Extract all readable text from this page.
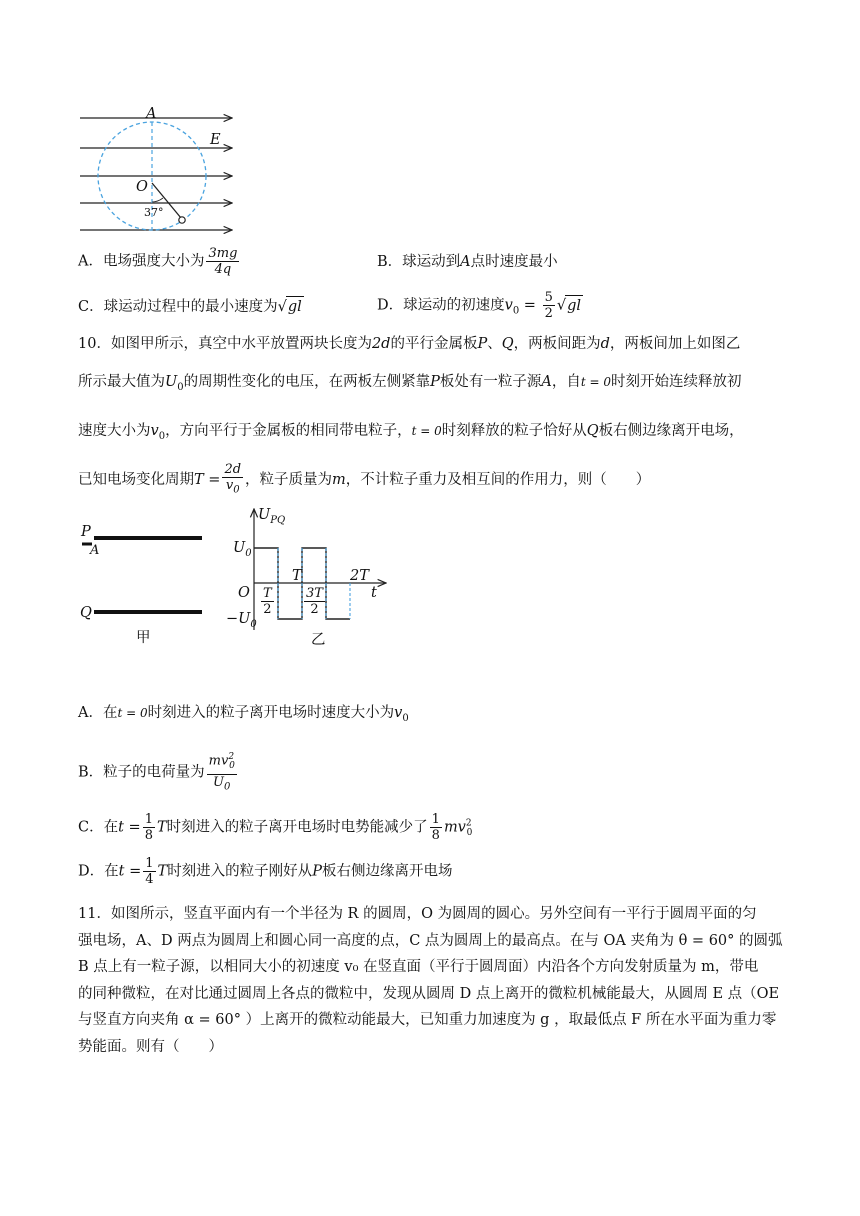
A
E
O
37°
A．电场强度大小为 $\frac{3mg}{4q}$	B．球运动到A点时速度最小
C．球运动过程中的最小速度为√gl	D．球运动的初速度$v_0 = \frac{5}{2} √gl$
10．如图甲所示，真空中水平放置两块长度为2d的平行金属板P、Q，两板间距为d，两板间加上如图乙
所示最大值为$U_0$的周期性变化的电压，在两板左侧紧靠P板处有一粒子源A，自t = 0时刻开始连续释放初
速度大小为$v_0$，方向平行于金属板的相同带电粒子，t = 0时刻释放的粒子恰好从Q板右侧边缘离开电场，
已知电场变化周期$T = \frac{2d}{v_0}$ ，粒子质量为m，不计粒子重力及相互间的作用力，则（　　）
P
A
Q
甲
$U_{PQ}$
$U_0$
$-U_0$
O
T	2T
t
$\frac{T}{2} \frac{3T}{2}$
乙
A．在t = 0时刻进入的粒子离开电场时速度大小为$v_0$
B．粒子的电荷量为 $\frac{mv^2_0}{U_0}$
C．在$t = \frac{1}{8}$ T时刻进入的粒子离开电场时电势能减少了 $\frac{1}{8} mv^2_0$
D．在$t = \frac{1}{4}$ T时刻进入的粒子刚好从P板右侧边缘离开电场
11．如图所示，竖直平面内有一个半径为 R 的圆周，O 为圆周的圆心。另外空间有一平行于圆周平面的匀
强电场，A、D 两点为圆周上和圆心同一高度的点，C 点为圆周上的最高点。在与 OA 夹角为 θ = 60° 的圆弧
B 点上有一粒子源，以相同大小的初速度 v₀ 在竖直面（平行于圆周面）内沿各个方向发射质量为 m，带电
的同种微粒，在对比通过圆周上各点的微粒中，发现从圆周 D 点上离开的微粒机械能最大，从圆周 E 点（OE
与竖直方向夹角 α = 60° ）上离开的微粒动能最大，已知重力加速度为 g ，取最低点 F 所在水平面为重力零
势能面。则有（　　）
